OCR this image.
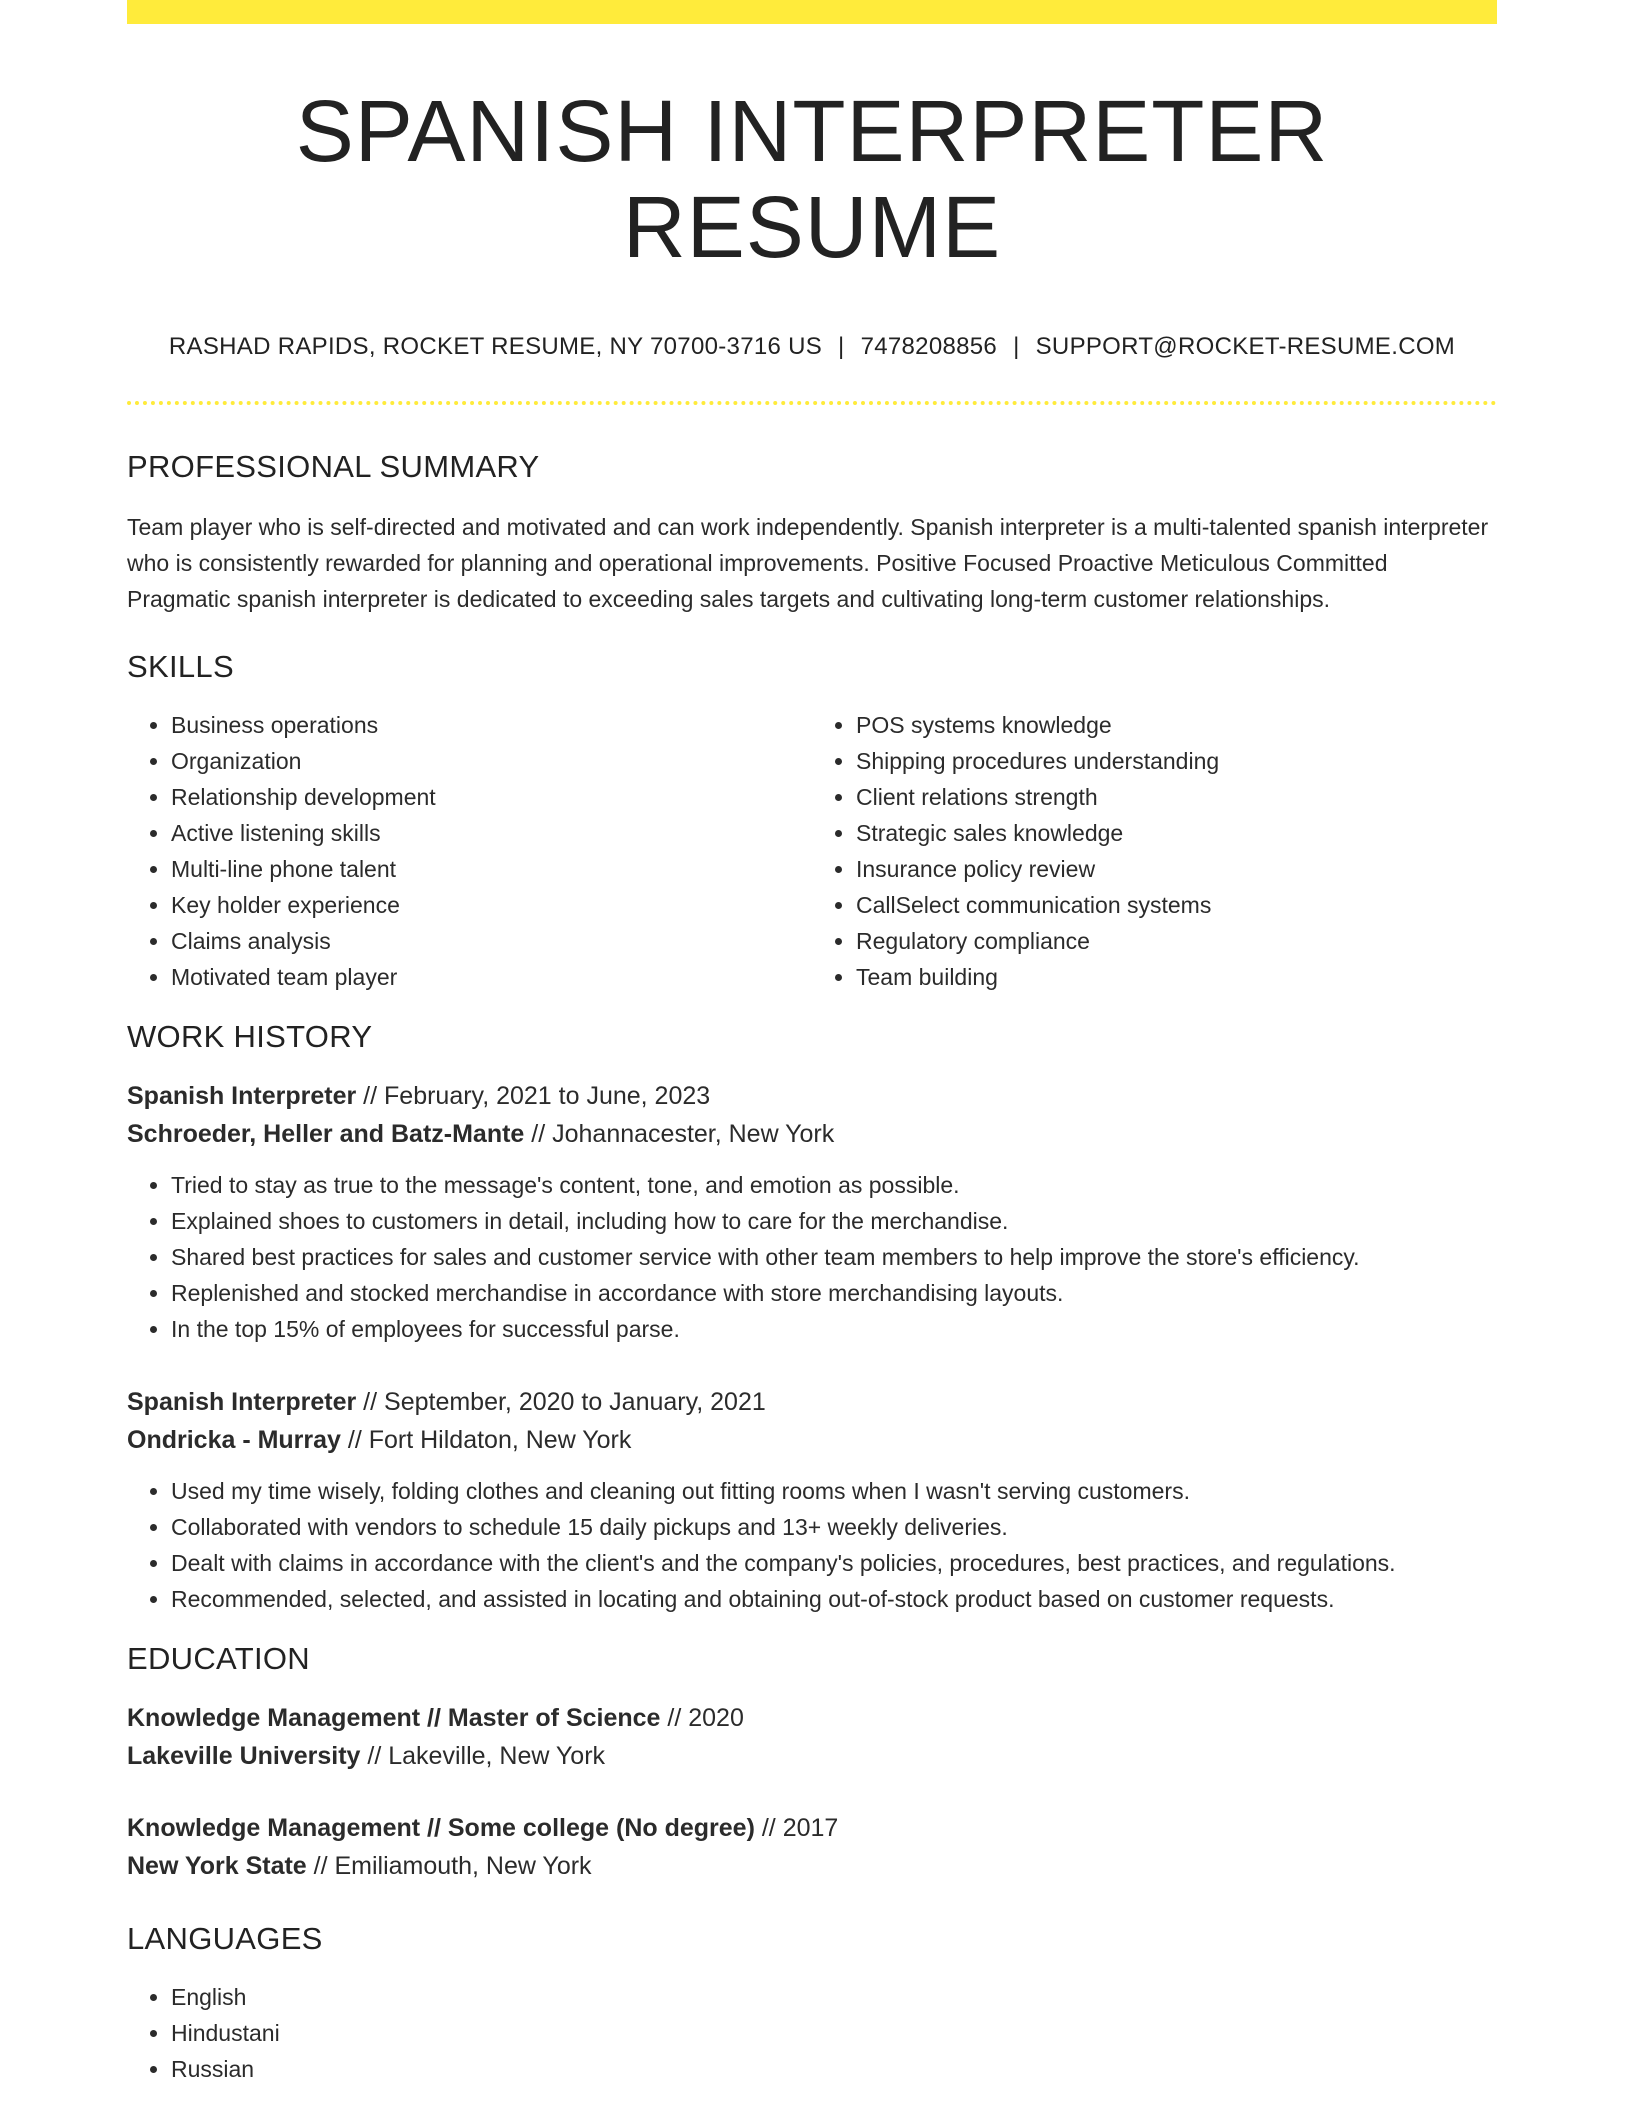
SPANISH INTERPRETER RESUME
RASHAD RAPIDS, ROCKET RESUME, NY 70700-3716 US | 7478208856 | SUPPORT@ROCKET-RESUME.COM
PROFESSIONAL SUMMARY
Team player who is self-directed and motivated and can work independently. Spanish interpreter is a multi-talented spanish interpreter who is consistently rewarded for planning and operational improvements. Positive Focused Proactive Meticulous Committed Pragmatic spanish interpreter is dedicated to exceeding sales targets and cultivating long-term customer relationships.
SKILLS
• Business operations
• Organization
• Relationship development
• Active listening skills
• Multi-line phone talent
• Key holder experience
• Claims analysis
• Motivated team player
• POS systems knowledge
• Shipping procedures understanding
• Client relations strength
• Strategic sales knowledge
• Insurance policy review
• CallSelect communication systems
• Regulatory compliance
• Team building
WORK HISTORY
Spanish Interpreter // February, 2021 to June, 2023
Schroeder, Heller and Batz-Mante // Johannacester, New York
• Tried to stay as true to the message's content, tone, and emotion as possible.
• Explained shoes to customers in detail, including how to care for the merchandise.
• Shared best practices for sales and customer service with other team members to help improve the store's efficiency.
• Replenished and stocked merchandise in accordance with store merchandising layouts.
• In the top 15% of employees for successful parse.
Spanish Interpreter // September, 2020 to January, 2021
Ondricka - Murray // Fort Hildaton, New York
• Used my time wisely, folding clothes and cleaning out fitting rooms when I wasn't serving customers.
• Collaborated with vendors to schedule 15 daily pickups and 13+ weekly deliveries.
• Dealt with claims in accordance with the client's and the company's policies, procedures, best practices, and regulations.
• Recommended, selected, and assisted in locating and obtaining out-of-stock product based on customer requests.
EDUCATION
Knowledge Management // Master of Science // 2020
Lakeville University // Lakeville, New York
Knowledge Management // Some college (No degree) // 2017
New York State // Emiliamouth, New York
LANGUAGES
• English
• Hindustani
• Russian
